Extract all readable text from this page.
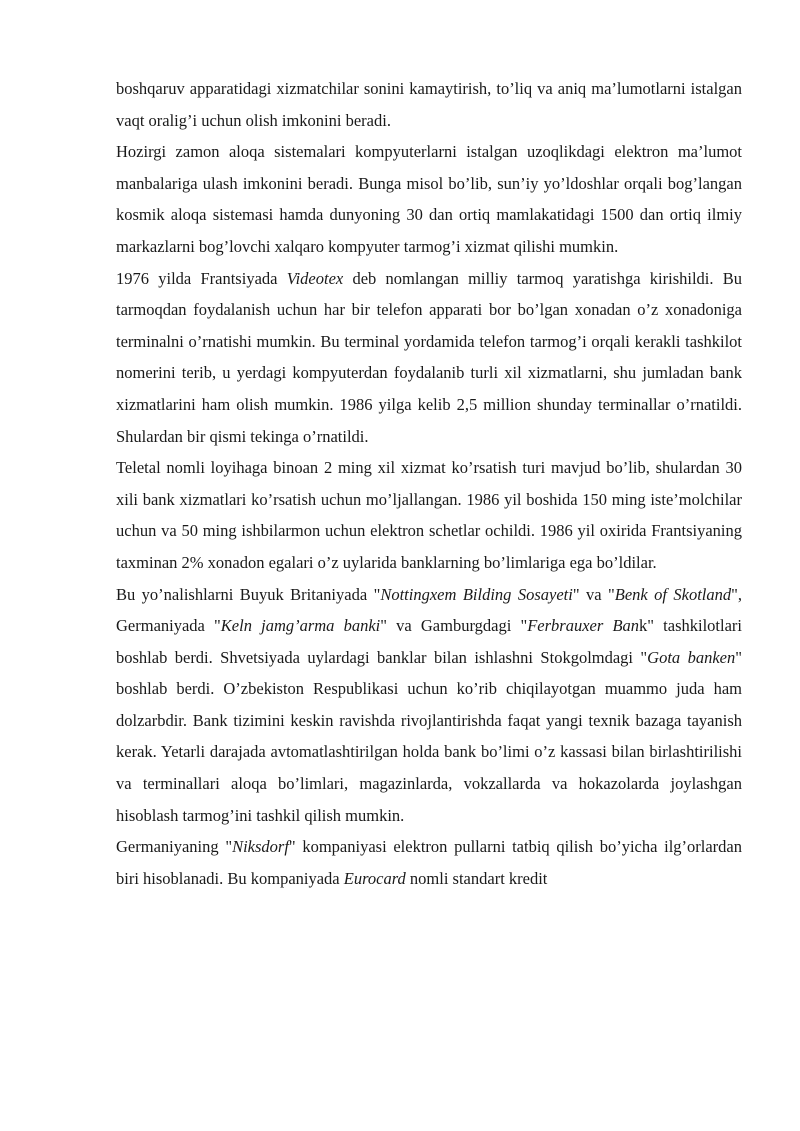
boshqaruv apparatidagi xizmatchilar sonini kamaytirish, to’liq va aniq ma’lumotlarni istalgan vaqt oralig’i uchun olish imkonini beradi.

Hozirgi zamon aloqa sistemalari kompyuterlarni istalgan uzoqlikdagi elektron ma’lumot manbalariga ulash imkonini beradi. Bunga misol bo’lib, sun’iy yo’ldoshlar orqali bog’langan kosmik aloqa sistemasi hamda dunyoning 30 dan ortiq mamlakatidagi 1500 dan ortiq ilmiy markazlarni bog’lovchi xalqaro kompyuter tarmog’i xizmat qilishi mumkin.

1976 yilda Frantsiyada Videotex deb nomlangan milliy tarmoq yaratishga kirishildi. Bu tarmoqdan foydalanish uchun har bir telefon apparati bor bo’lgan xonadan o’z xonadoniga terminalni o’rnatishi mumkin. Bu terminal yordamida telefon tarmog’i orqali kerakli tashkilot nomerini terib, u yerdagi kompyuterdan foydalanib turli xil xizmatlarni, shu jumladan bank xizmatlarini ham olish mumkin. 1986 yilga kelib 2,5 million shunday terminallar o’rnatildi. Shulardan bir qismi tekinga o’rnatildi.

Teletal nomli loyihaga binoan 2 ming xil xizmat ko’rsatish turi mavjud bo’lib, shulardan 30 xili bank xizmatlari ko’rsatish uchun mo’ljallangan. 1986 yil boshida 150 ming iste’molchilar uchun va 50 ming ishbilarmon uchun elektron schetlar ochildi. 1986 yil oxirida Frantsiyaning taxminan 2% xonadon egalari o’z uylarida banklarning bo’limlariga ega bo’ldilar.

Bu yo’nalishlarni Buyuk Britaniyada "Nottingxem Bilding Sosayeti" va "Benk of Skotland", Germaniyada "Keln jamg’arma banki" va Gamburgdagi "Ferbrauxer Bank" tashkilotlari boshlab berdi. Shvetsiyada uylardagi banklar bilan ishlashni Stokgolmdagi "Gota banken" boshlab berdi. O’zbekiston Respublikasi uchun ko’rib chiqilayotgan muammo juda ham dolzarbdir. Bank tizimini keskin ravishda rivojlantirishda faqat yangi texnik bazaga tayanish kerak. Yetarli darajada avtomatlashtirilgan holda bank bo’limi o’z kassasi bilan birlashtirilishi va terminallari aloqa bo’limlari, magazinlarda, vokzallarda va hokazolarda joylashgan hisoblash tarmog’ini tashkil qilish mumkin.

Germaniyaning "Niksdorf" kompaniyasi elektron pullarni tatbiq qilish bo’yicha ilg’orlardan biri hisoblanadi. Bu kompaniyada Eurocard nomli standart kredit
